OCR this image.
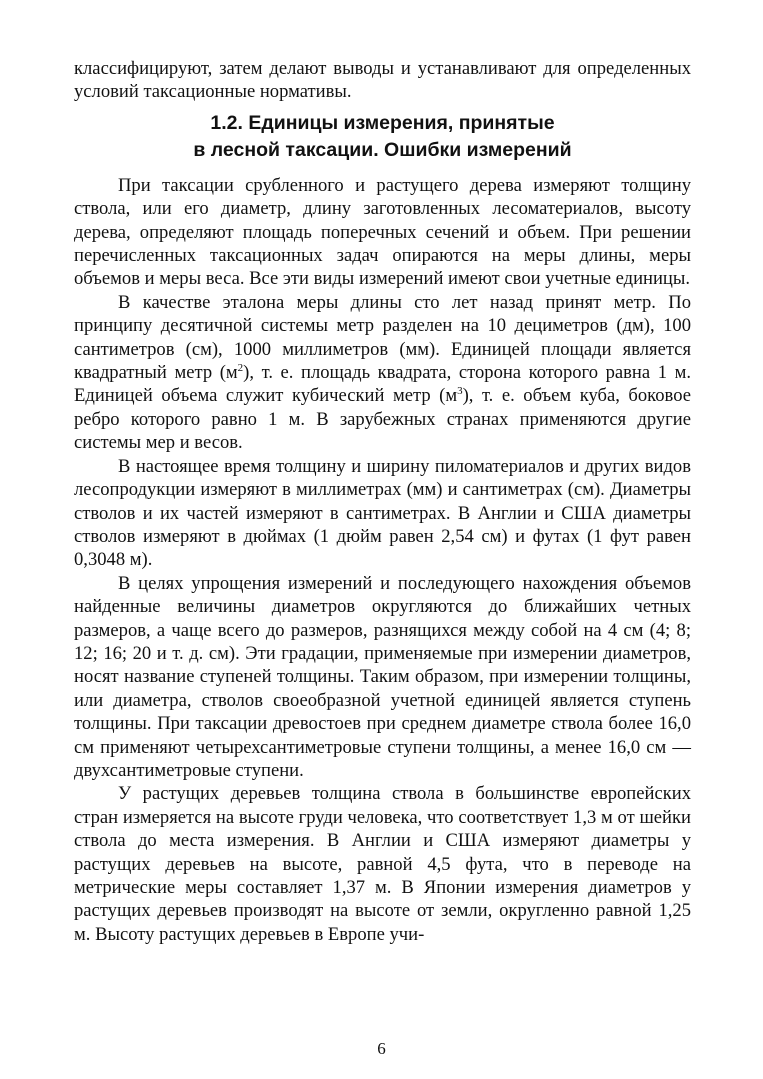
классифицируют, затем делают выводы и устанавливают для определенных условий таксационные нормативы.

1.2. Единицы измерения, принятые
в лесной таксации. Ошибки измерений

При таксации срубленного и растущего дерева измеряют толщину ствола, или его диаметр, длину заготовленных лесоматериалов, высоту дерева, определяют площадь поперечных сечений и объем. При решении перечисленных таксационных задач опираются на меры длины, меры объемов и меры веса. Все эти виды измерений имеют свои учетные единицы.

В качестве эталона меры длины сто лет назад принят метр. По принципу десятичной системы метр разделен на 10 дециметров (дм), 100 сантиметров (см), 1000 миллиметров (мм). Единицей площади является квадратный метр $(м^2)$, т. е. площадь квадрата, сторона которого равна 1 м. Единицей объема служит кубический метр $(м^3)$, т. е. объем куба, боковое ребро которого равно 1 м. В зарубежных странах применяются другие системы мер и весов.

В настоящее время толщину и ширину пиломатериалов и других видов лесопродукции измеряют в миллиметрах (мм) и сантиметрах (см). Диаметры стволов и их частей измеряют в сантиметрах. В Англии и США диаметры стволов измеряют в дюймах (1 дюйм равен 2,54 см) и футах (1 фут равен 0,3048 м).

В целях упрощения измерений и последующего нахождения объемов найденные величины диаметров округляются до ближайших четных размеров, а чаще всего до размеров, разнящихся между собой на 4 см (4; 8; 12; 16; 20 и т. д. см). Эти градации, применяемые при измерении диаметров, носят название ступеней толщины. Таким образом, при измерении толщины, или диаметра, стволов своеобразной учетной единицей является ступень толщины. При таксации древостоев при среднем диаметре ствола более 16,0 см применяют четырехсантиметровые ступени толщины, а менее 16,0 см — двухсантиметровые ступени.

У растущих деревьев толщина ствола в большинстве европейских стран измеряется на высоте груди человека, что соответствует 1,3 м от шейки ствола до места измерения. В Англии и США измеряют диаметры у растущих деревьев на высоте, равной 4,5 фута, что в переводе на метрические меры составляет 1,37 м. В Японии измерения диаметров у растущих деревьев производят на высоте от земли, округленно равной 1,25 м. Высоту растущих деревьев в Европе учи-

6
